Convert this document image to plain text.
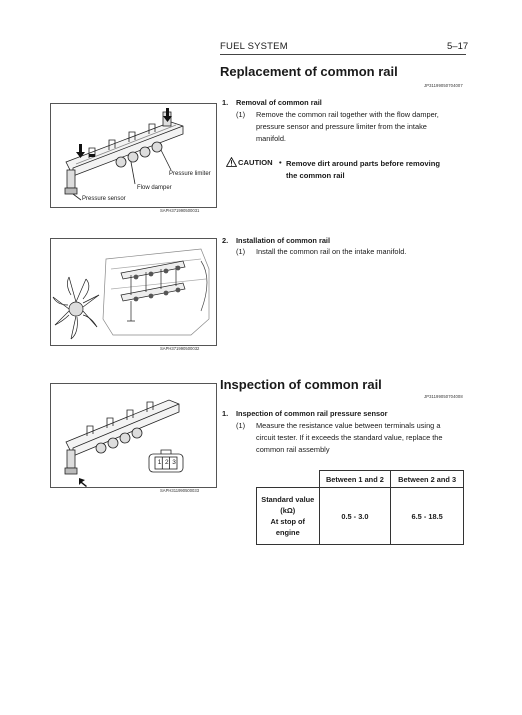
FUEL SYSTEM	5–17
Replacement of common rail
JP31199050704007
1. Removal of common rail
(1) Remove the common rail together with the flow damper,
pressure sensor and pressure limiter from the intake
manifold.
CAUTION • Remove dirt around parts before removing
the common rail
2. Installation of common rail
(1) Install the common rail on the intake manifold.
Inspection of common rail
JP31199050704008
1. Inspection of common rail pressure sensor
(1) Measure the resistance value between terminals using a
circuit tester. If it exceeds the standard value, replace the
common rail assembly
	Between 1 and 2	Between 2 and 3

Standard value
(kΩ)
At stop of
engine	0.5 - 3.0	6.5 - 18.5
Pressure limiter
Flow damper
Pressure sensor
SAPH371990500031
SAPH371990500032
1 2 3
SAPH311990500033
